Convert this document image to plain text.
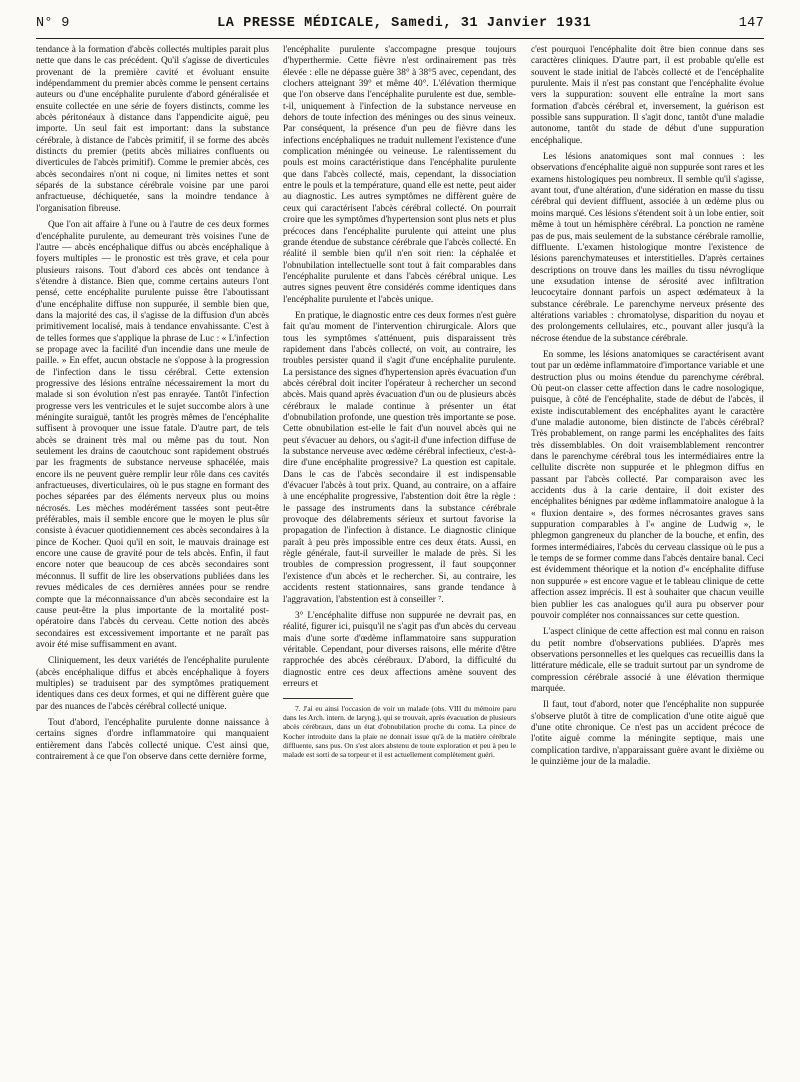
N° 9	LA PRESSE MÉDICALE, Samedi, 31 Janvier 1931	147

tendance à la formation d'abcès collectés multiples parait plus nette que dans le cas précédent. Qu'il s'agisse de diverticules provenant de la première cavité et évoluant ensuite indépendamment du premier abcès comme le pensent certains auteurs ou d'une encéphalite purulente d'abord généralisée et ensuite collectée en une série de foyers distincts, comme les abcès péritonéaux à distance dans l'appendicite aiguë, peu importe. Un seul fait est important: dans la substance cérébrale, à distance de l'abcès primitif, il se forme des abcès distincts du premier (petits abcès miliaires confluents ou diverticules de l'abcès primitif). Comme le premier abcès, ces abcès secondaires n'ont ni coque, ni limites nettes et sont séparés de la substance cérébrale voisine par une paroi anfractueuse, déchiquetée, sans la moindre tendance à l'organisation fibreuse.

Que l'on ait affaire à l'une ou à l'autre de ces deux formes d'encéphalite purulente, au demeurant très voisines l'une de l'autre — abcès encéphalique diffus ou abcès encéphalique à foyers multiples — le pronostic est très grave, et cela pour plusieurs raisons. Tout d'abord ces abcès ont tendance à s'étendre à distance. Bien que, comme certains auteurs l'ont pensé, cette encéphalite purulente puisse être l'aboutissant d'une encéphalite diffuse non suppurée, il semble bien que, dans la majorité des cas, il s'agisse de la diffusion d'un abcès primitivement localisé, mais à tendance envahissante. C'est à de telles formes que s'applique la phrase de Luc : « L'infection se propage avec la facilité d'un incendie dans une meule de paille. » En effet, aucun obstacle ne s'oppose à la progression de l'infection dans le tissu cérébral. Cette extension progressive des lésions entraîne nécessairement la mort du malade si son évolution n'est pas enrayée. Tantôt l'infection progresse vers les ventricules et le sujet succombe alors à une méningite suraiguë, tantôt les progrès mêmes de l'encéphalite suffisent à provoquer une issue fatale. D'autre part, de tels abcès se drainent très mal ou même pas du tout. Non seulement les drains de caoutchouc sont rapidement obstrués par les fragments de substance nerveuse sphacélée, mais encore ils ne peuvent guère remplir leur rôle dans ces cavités anfractueuses, diverticulaires, où le pus stagne en formant des poches séparées par des éléments nerveux plus ou moins nécrosés. Les mèches modérément tassées sont peut-être préférables, mais il semble encore que le moyen le plus sûr consiste à évacuer quotidiennement ces abcès secondaires à la pince de Kocher. Quoi qu'il en soit, le mauvais drainage est encore une cause de gravité pour de tels abcès. Enfin, il faut encore noter que beaucoup de ces abcès secondaires sont méconnus. Il suffit de lire les observations publiées dans les revues médicales de ces dernières années pour se rendre compte que la méconnaissance d'un abcès secondaire est la cause peut-être la plus importante de la mortalité post-opératoire dans l'abcès du cerveau. Cette notion des abcès secondaires est excessivement importante et ne paraît pas avoir été mise suffisamment en avant.

Cliniquement, les deux variétés de l'encéphalite purulente (abcès encéphalique diffus et abcès encéphalique à foyers multiples) se traduisent par des symptômes pratiquement identiques dans ces deux formes, et qui ne diffèrent guère que par des nuances de l'abcès cérébral collecté unique.

Tout d'abord, l'encéphalite purulente donne naissance à certains signes d'ordre inflammatoire qui manquaient entièrement dans l'abcès collecté unique. C'est ainsi que, contrairement à ce que l'on observe dans cette dernière forme,

l'encéphalite purulente s'accompagne presque toujours d'hyperthermie. Cette fièvre n'est ordinairement pas très élevée : elle ne dépasse guère 38° à 38°5 avec, cependant, des clochers atteignant 39° et même 40°. L'élévation thermique que l'on observe dans l'encéphalite purulente est due, semble-t-il, uniquement à l'infection de la substance nerveuse en dehors de toute infection des méninges ou des sinus veineux. Par conséquent, la présence d'un peu de fièvre dans les infections encéphaliques ne traduit nullement l'existence d'une complication méningée ou veineuse. Le ralentissement du pouls est moins caractéristique dans l'encéphalite purulente que dans l'abcès collecté, mais, cependant, la dissociation entre le pouls et la température, quand elle est nette, peut aider au diagnostic. Les autres symptômes ne diffèrent guère de ceux qui caractérisent l'abcès cérébral collecté. On pourrait croire que les symptômes d'hypertension sont plus nets et plus précoces dans l'encéphalite purulente qui atteint une plus grande étendue de substance cérébrale que l'abcès collecté. En réalité il semble bien qu'il n'en soit rien: la céphalée et l'obnubilation intellectuelle sont tout à fait comparables dans l'encéphalite purulente et dans l'abcès cérébral unique. Les autres signes peuvent être considérés comme identiques dans l'encéphalite purulente et l'abcès unique.

En pratique, le diagnostic entre ces deux formes n'est guère fait qu'au moment de l'intervention chirurgicale. Alors que tous les symptômes s'atténuent, puis disparaissent très rapidement dans l'abcès collecté, on voit, au contraire, les troubles persister quand il s'agit d'une encéphalite purulente. La persistance des signes d'hypertension après évacuation d'un abcès cérébral doit inciter l'opérateur à rechercher un second abcès. Mais quand après évacuation d'un ou de plusieurs abcès cérébraux le malade continue à présenter un état d'obnubilation profonde, une question très importante se pose. Cette obnubilation est-elle le fait d'un nouvel abcès qui ne peut s'évacuer au dehors, ou s'agit-il d'une infection diffuse de la substance nerveuse avec œdème cérébral infectieux, c'est-à-dire d'une encéphalite progressive? La question est capitale. Dans le cas de l'abcès secondaire il est indispensable d'évacuer l'abcès à tout prix. Quand, au contraire, on a affaire à une encéphalite progressive, l'abstention doit être la règle : le passage des instruments dans la substance cérébrale provoque des délabrements sérieux et surtout favorise la propagation de l'infection à distance. Le diagnostic clinique paraît à peu près impossible entre ces deux états. Aussi, en règle générale, faut-il surveiller le malade de près. Si les troubles de compression progressent, il faut soupçonner l'existence d'un abcès et le rechercher. Si, au contraire, les accidents restent stationnaires, sans grande tendance à l'aggravation, l'abstention est à conseiller ⁷.

3° L'encéphalite diffuse non suppurée ne devrait pas, en réalité, figurer ici, puisqu'il ne s'agit pas d'un abcès du cerveau mais d'une sorte d'œdème inflammatoire sans suppuration véritable. Cependant, pour diverses raisons, elle mérite d'être rapprochée des abcès cérébraux. D'abord, la difficulté du diagnostic entre ces deux affections amène souvent des erreurs et

7. J'ai eu ainsi l'occasion de voir un malade (obs. VIII du mémoire paru dans les Arch. intern. de laryng.), qui se trouvait, après évacuation de plusieurs abcès cérébraux, dans un état d'obnubilation proche du coma. La pince de Kocher introduite dans la plaie ne donnait issue qu'à de la matière cérébrale diffluente, sans pus. On s'est alors abstenu de toute exploration et peu à peu le malade est sorti de sa torpeur et il est actuellement complètement guéri.

c'est pourquoi l'encéphalite doit être bien connue dans ses caractères cliniques. D'autre part, il est probable qu'elle est souvent le stade initial de l'abcès collecté et de l'encéphalite purulente. Mais il n'est pas constant que l'encéphalite évolue vers la suppuration: souvent elle entraîne la mort sans formation d'abcès cérébral et, inversement, la guérison est possible sans suppuration. Il s'agit donc, tantôt d'une maladie autonome, tantôt du stade de début d'une suppuration encéphalique.

Les lésions anatomiques sont mal connues : les observations d'encéphalite aiguë non suppurée sont rares et les examens histologiques peu nombreux. Il semble qu'il s'agisse, avant tout, d'une altération, d'une sidération en masse du tissu cérébral qui devient diffluent, associée à un œdème plus ou moins marqué. Ces lésions s'étendent soit à un lobe entier, soit même à tout un hémisphère cérébral. La ponction ne ramène pas de pus, mais seulement de la substance cérébrale ramollie, diffluente. L'examen histologique montre l'existence de lésions parenchymateuses et interstitielles. D'après certaines descriptions on trouve dans les mailles du tissu névroglique une exsudation intense de sérosité avec infiltration leucocytaire donnant parfois un aspect œdémateux à la substance cérébrale. Le parenchyme nerveux présente des altérations variables : chromatolyse, disparition du noyau et des prolongements cellulaires, etc., pouvant aller jusqu'à la nécrose étendue de la substance cérébrale.

En somme, les lésions anatomiques se caractérisent avant tout par un œdème inflammatoire d'importance variable et une destruction plus ou moins étendue du parenchyme cérébral. Où peut-on classer cette affection dans le cadre nosologique, puisque, à côté de l'encéphalite, stade de début de l'abcès, il existe indiscutablement des encéphalites ayant le caractère d'une maladie autonome, bien distincte de l'abcès cérébral? Très probablement, on range parmi les encéphalites des faits très dissemblables. On doit vraisemblablement rencontrer dans le parenchyme cérébral tous les intermédiaires entre la cellulite discrète non suppurée et le phlegmon diffus en passant par l'abcès collecté. Par comparaison avec les accidents dus à la carie dentaire, il doit exister des encéphalites bénignes par œdème inflammatoire analogue à la « fluxion dentaire », des formes nécrosantes graves sans suppuration comparables à l'« angine de Ludwig », le phlegmon gangreneux du plancher de la bouche, et enfin, des formes intermédiaires, l'abcès du cerveau classique où le pus a le temps de se former comme dans l'abcès dentaire banal. Ceci est évidemment théorique et la notion d'« encéphalite diffuse non suppurée » est encore vague et le tableau clinique de cette affection assez imprécis. Il est à souhaiter que chacun veuille bien publier les cas analogues qu'il aura pu observer pour pouvoir compléter nos connaissances sur cette question.

L'aspect clinique de cette affection est mal connu en raison du petit nombre d'observations publiées. D'après mes observations personnelles et les quelques cas recueillis dans la littérature médicale, elle se traduit surtout par un syndrome de compression cérébrale associé à une élévation thermique marquée.

Il faut, tout d'abord, noter que l'encéphalite non suppurée s'observe plutôt à titre de complication d'une otite aiguë que d'une otite chronique. Ce n'est pas un accident précoce de l'otite aiguë comme la méningite septique, mais une complication tardive, n'apparaissant guère avant le dixième ou le quinzième jour de la maladie.
